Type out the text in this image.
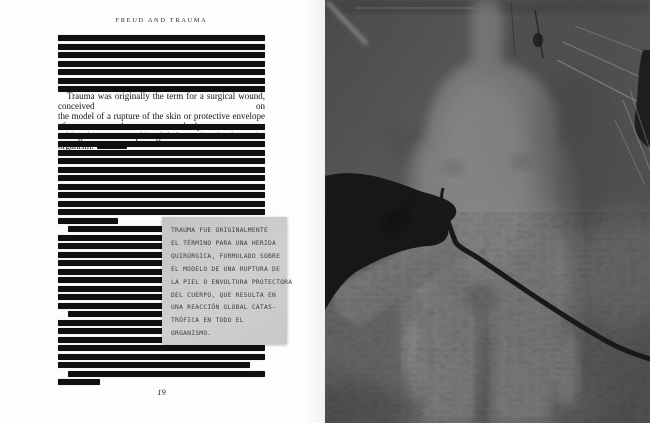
FREUD AND TRAUMA
Trauma was originally the term for a surgical wound, conceived on
the model of a rupture of the skin or protective envelope of the body re-
sulting in a catastrophic global reaction in the entire organism.
TRAUMA FUE ORIGINALMENTE
EL TÉRMINO PARA UNA HERIDA
QUIRÚRGICA, FORMULADO SOBRE
EL MODELO DE UNA RUPTURA DE
LA PIEL O ENVOLTURA PROTECTORA
DEL CUERPO, QUE RESULTA EN
UNA REACCIÓN GLOBAL CATAS-
TRÓFICA EN TODO EL
ORGANISMO.
19
